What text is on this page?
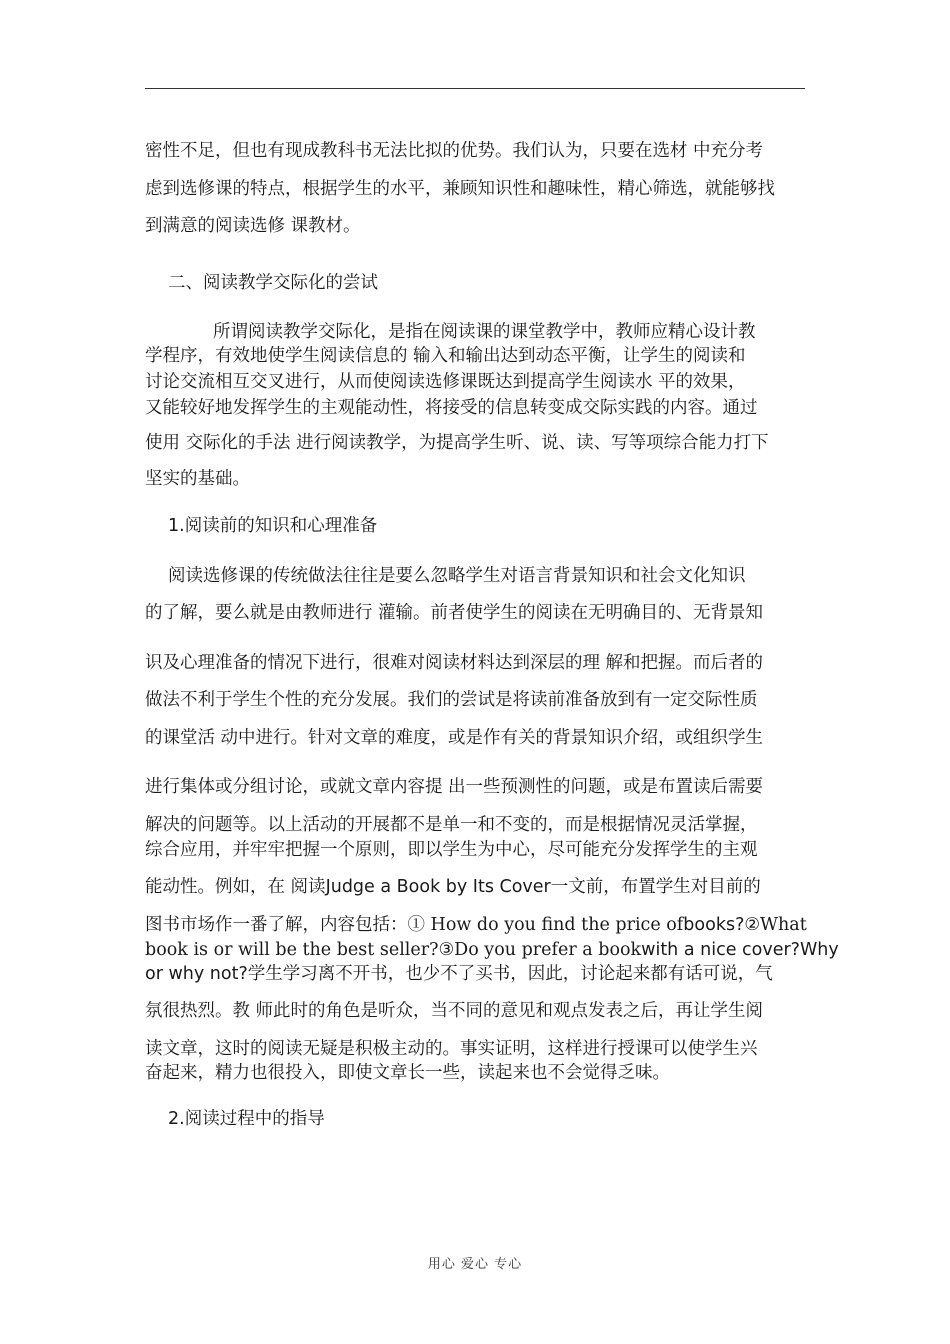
密性不足，但也有现成教科书无法比拟的优势。我们认为，只要在选材 中充分考
虑到选修课的特点，根据学生的水平，兼顾知识性和趣味性，精心筛选，就能够找
到满意的阅读选修 课教材。
二、阅读教学交际化的尝试
所谓阅读教学交际化，是指在阅读课的课堂教学中，教师应精心设计教
学程序，有效地使学生阅读信息的 输入和输出达到动态平衡，让学生的阅读和
讨论交流相互交叉进行，从而使阅读选修课既达到提高学生阅读水 平的效果，
又能较好地发挥学生的主观能动性，将接受的信息转变成交际实践的内容。通过
使用 交际化的手法 进行阅读教学，为提高学生听、说、读、写等项综合能力打下
坚实的基础。
1.阅读前的知识和心理准备
阅读选修课的传统做法往往是要么忽略学生对语言背景知识和社会文化知识
的了解，要么就是由教师进行 灌输。前者使学生的阅读在无明确目的、无背景知
识及心理准备的情况下进行，很难对阅读材料达到深层的理 解和把握。而后者的
做法不利于学生个性的充分发展。我们的尝试是将读前准备放到有一定交际性质
的课堂活 动中进行。针对文章的难度，或是作有关的背景知识介绍，或组织学生
进行集体或分组讨论，或就文章内容提 出一些预测性的问题，或是布置读后需要
解决的问题等。以上活动的开展都不是单一和不变的，而是根据情况灵活掌握，
综合应用，并牢牢把握一个原则，即以学生为中心，尽可能充分发挥学生的主观
能动性。例如，在 阅读Judge a Book by Its Cover一文前，布置学生对目前的
图书市场作一番了解，内容包括：① How do you find the price ofbooks?②What
book is or will be the best seller?③Do you prefer a bookwith a nice cover?Why
or why not?学生学习离不开书，也少不了买书，因此，讨论起来都有话可说，气
氛很热烈。教 师此时的角色是听众，当不同的意见和观点发表之后，再让学生阅
读文章，这时的阅读无疑是积极主动的。事实证明，这样进行授课可以使学生兴
奋起来，精力也很投入，即使文章长一些，读起来也不会觉得乏味。
2.阅读过程中的指导
用心 爱心 专心
